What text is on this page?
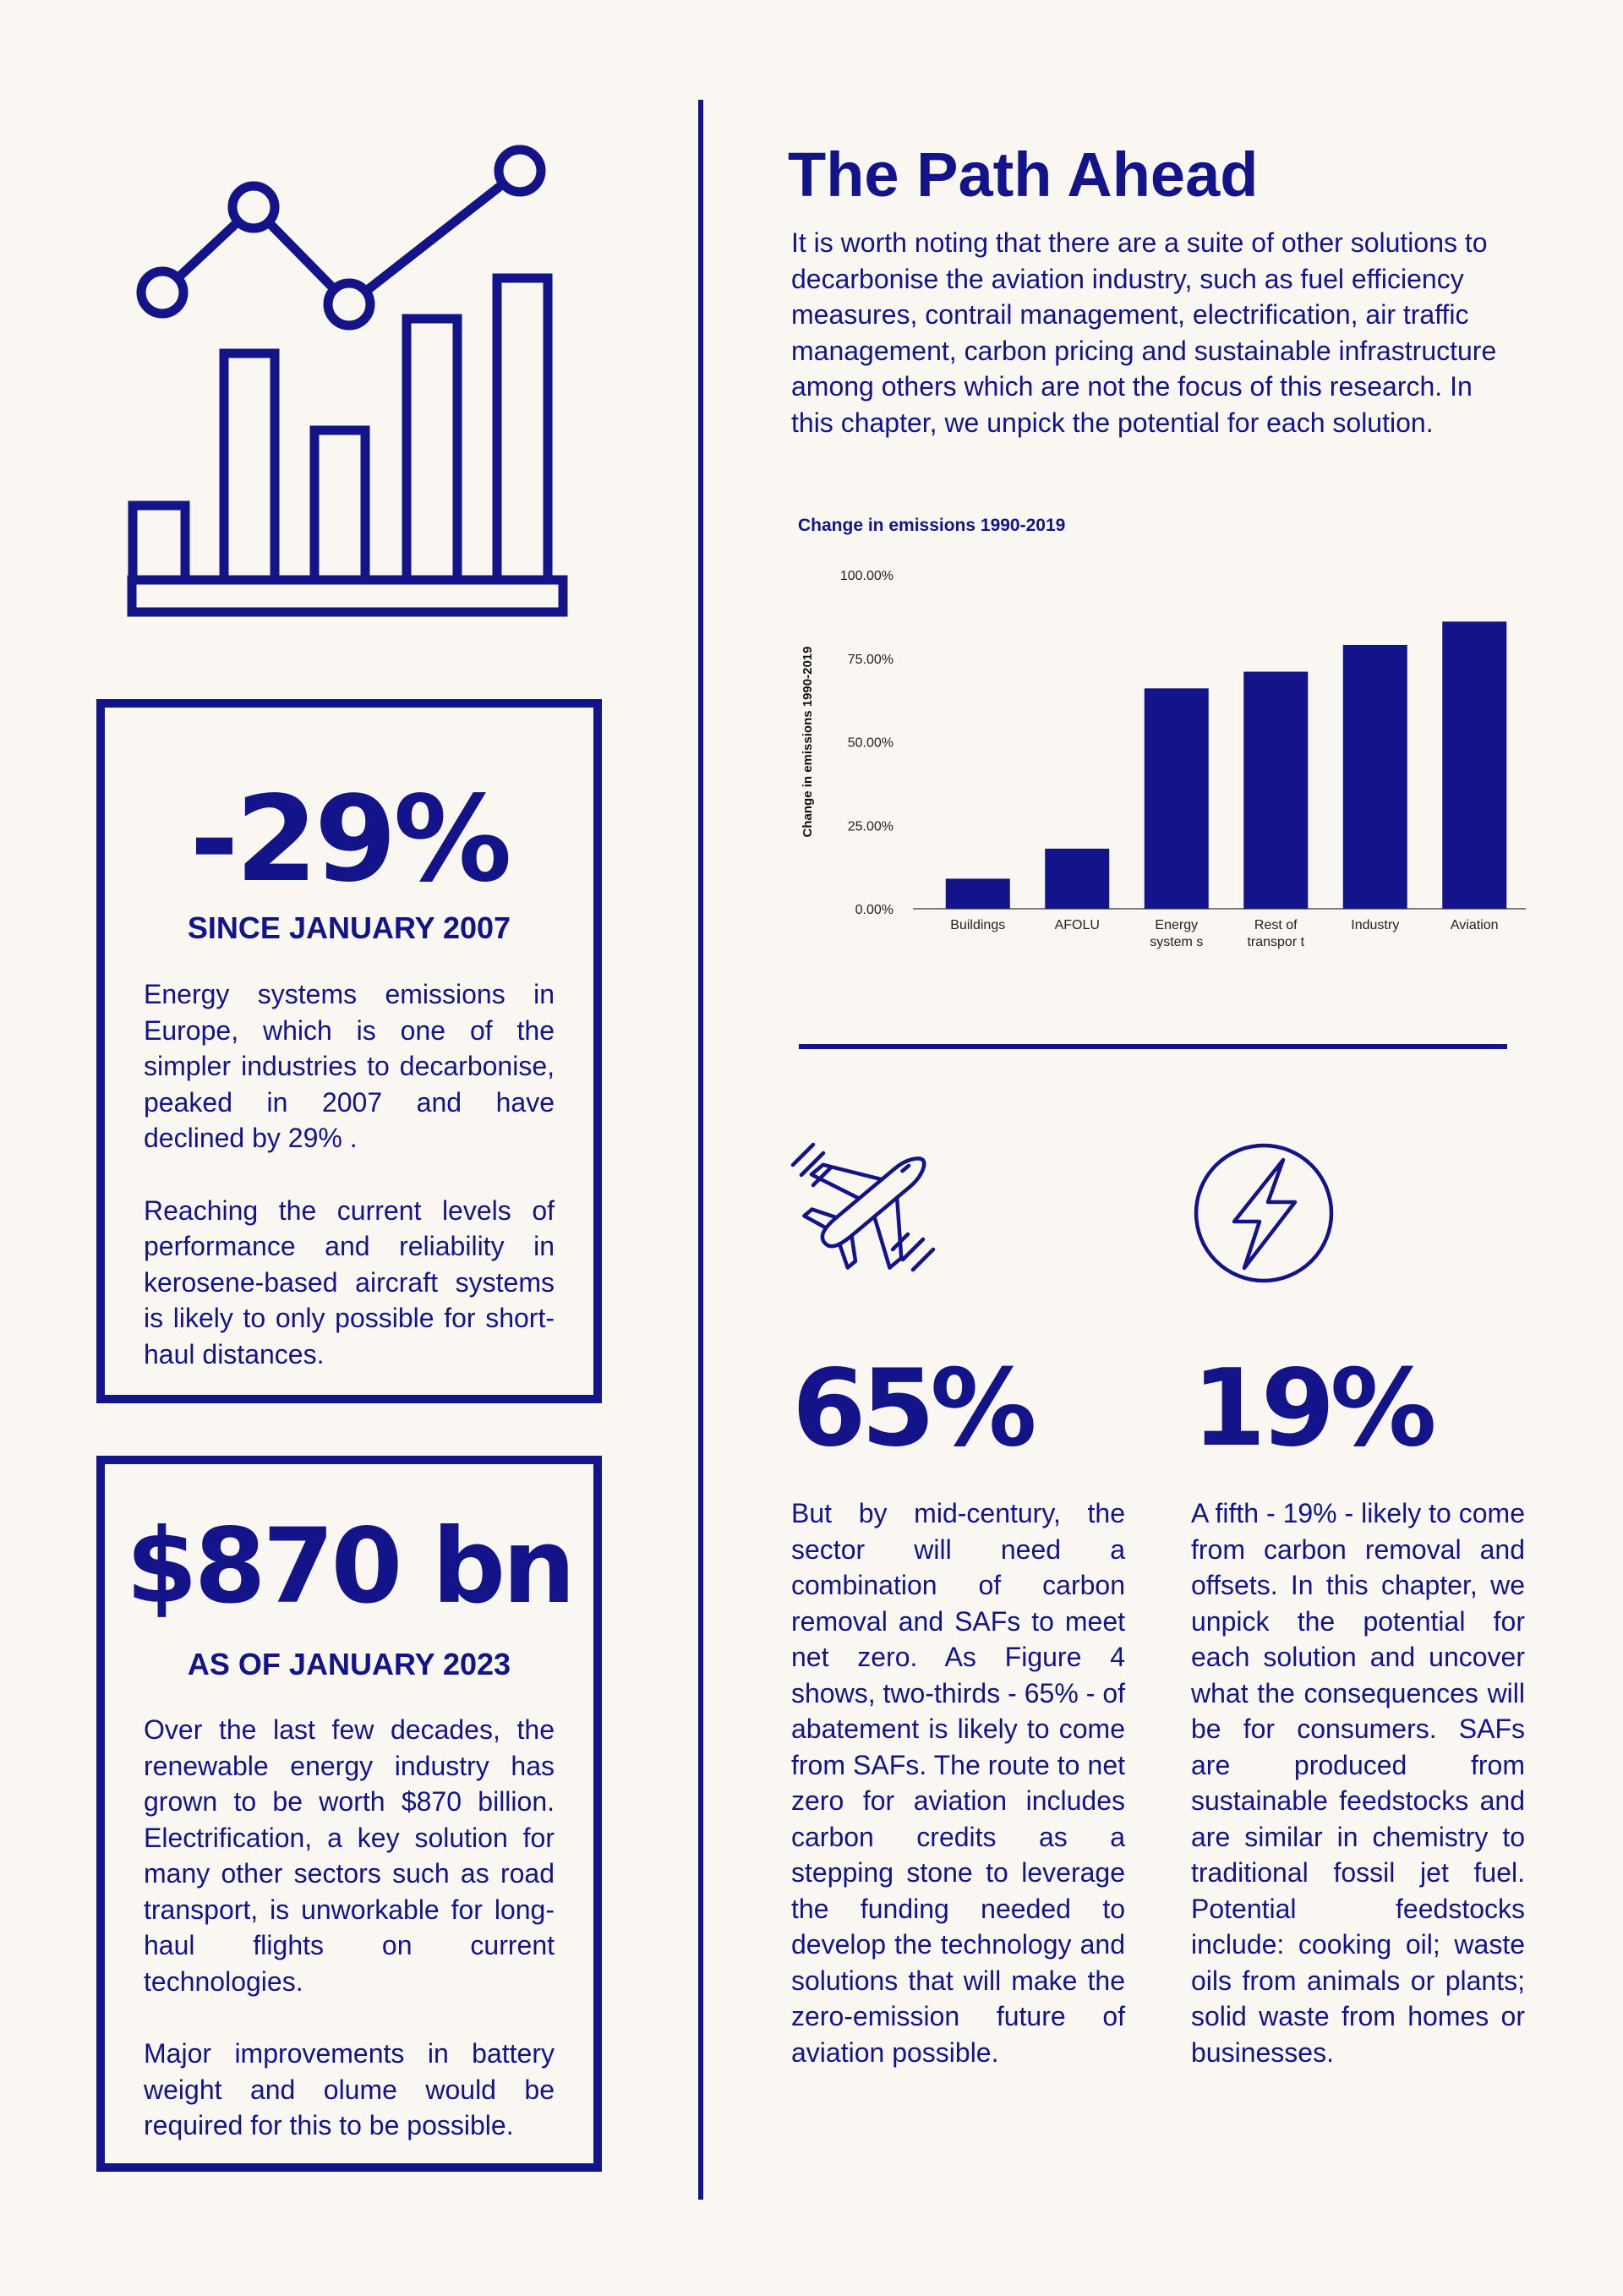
-29%
SINCE JANUARY 2007

Energy systems emissions in Europe, which is one of the simpler industries to decarbonise, peaked in 2007 and have declined by 29% .

Reaching the current levels of performance and reliability in kerosene-based aircraft systems is likely to only possible for short-haul distances.

$870 bn
AS OF JANUARY 2023

Over the last few decades, the renewable energy industry has grown to be worth $870 billion. Electrification, a key solution for many other sectors such as road transport, is unworkable for long-haul flights on current technologies.

Major improvements in battery weight and olume would be required for this to be possible.

The Path Ahead
It is worth noting that there are a suite of other solutions to decarbonise the aviation industry, such as fuel efficiency measures, contrail management, electrification, air traffic management, carbon pricing and sustainable infrastructure among others which are not the focus of this research. In this chapter, we unpick the potential for each solution.
Change in emissions 1990-2019
Change in emissions 1990-2019
0.00%
25.00%
50.00%
75.00%
100.00%
Buildings	AFOLU	Energy
system s
Rest of
transpor t
Industry	Aviation
65%
But by mid-century, the sector will need a combination of carbon removal and SAFs to meet net zero. As Figure 4 shows, two-thirds - 65% - of abatement is likely to come from SAFs. The route to net zero for aviation includes carbon credits as a stepping stone to leverage the funding needed to develop the technology and solutions that will make the zero-emission future of aviation possible.
19%
A fifth - 19% - likely to come from carbon removal and offsets. In this chapter, we unpick the potential for each solution and uncover what the consequences will be for consumers. SAFs are produced from sustainable feedstocks and are similar in chemistry to traditional fossil jet fuel. Potential feedstocks include: cooking oil; waste oils from animals or plants; solid waste from homes or businesses.
